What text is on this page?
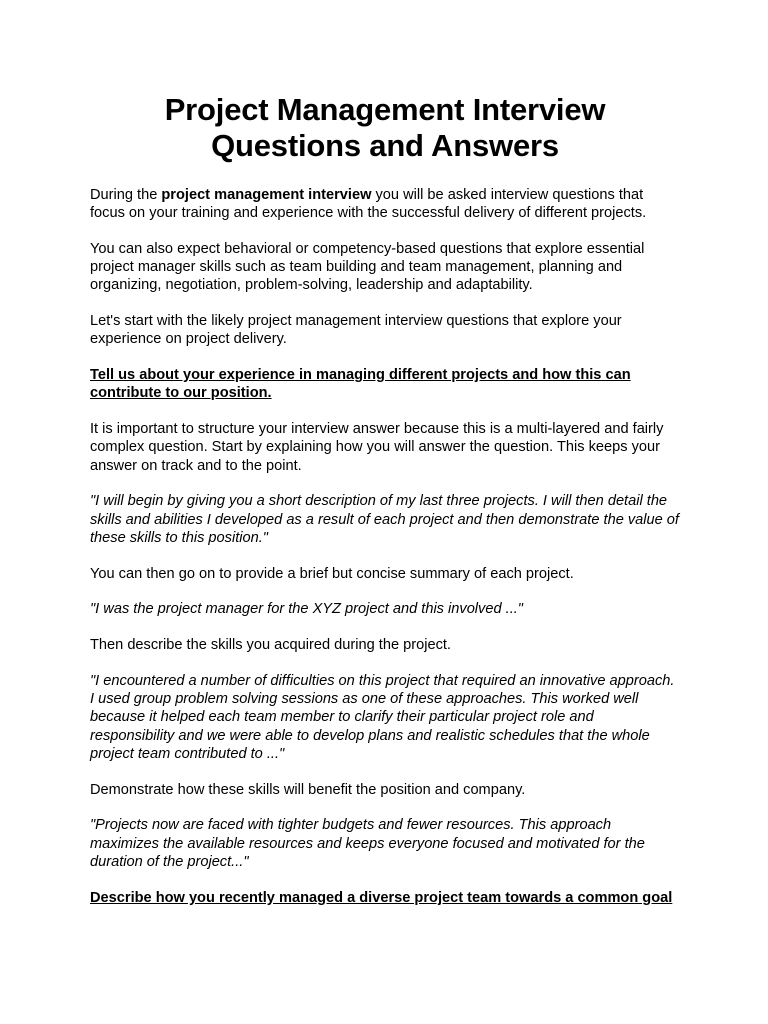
Project Management Interview
Questions and Answers

During the project management interview you will be asked interview questions that focus on your training and experience with the successful delivery of different projects.

You can also expect behavioral or competency-based questions that explore essential project manager skills such as team building and team management, planning and organizing, negotiation, problem-solving, leadership and adaptability.

Let's start with the likely project management interview questions that explore your experience on project delivery.

Tell us about your experience in managing different projects and how this can contribute to our position.

It is important to structure your interview answer because this is a multi-layered and fairly complex question. Start by explaining how you will answer the question. This keeps your answer on track and to the point.

"I will begin by giving you a short description of my last three projects. I will then detail the skills and abilities I developed as a result of each project and then demonstrate the value of these skills to this position."

You can then go on to provide a brief but concise summary of each project.

"I was the project manager for the XYZ project and this involved ..."

Then describe the skills you acquired during the project.

"I encountered a number of difficulties on this project that required an innovative approach. I used group problem solving sessions as one of these approaches. This worked well because it helped each team member to clarify their particular project role and responsibility and we were able to develop plans and realistic schedules that the whole project team contributed to ..."

Demonstrate how these skills will benefit the position and company.

"Projects now are faced with tighter budgets and fewer resources. This approach maximizes the available resources and keeps everyone focused and motivated for the duration of the project..."

Describe how you recently managed a diverse project team towards a common goal
